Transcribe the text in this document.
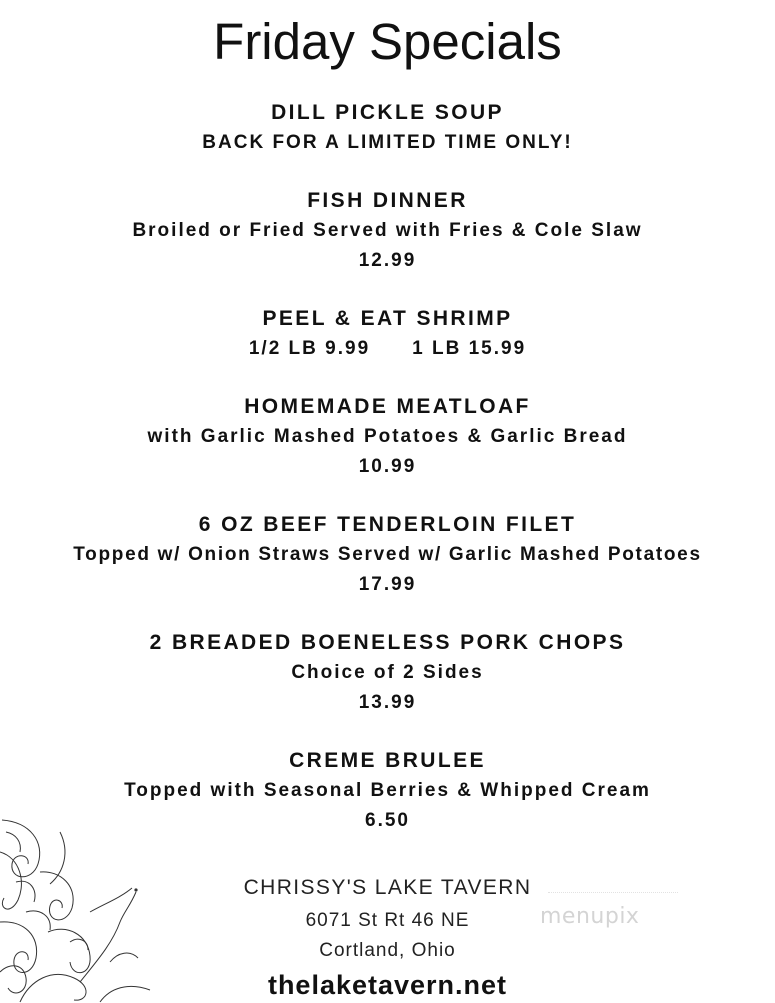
Friday Specials
DILL PICKLE SOUP
BACK FOR A LIMITED TIME ONLY!
FISH DINNER
Broiled or Fried Served with Fries & Cole Slaw
12.99
PEEL & EAT SHRIMP
1/2 LB 9.99 1 LB 15.99
HOMEMADE MEATLOAF
with Garlic Mashed Potatoes & Garlic Bread
10.99
6 OZ BEEF TENDERLOIN FILET
Topped w/ Onion Straws Served w/ Garlic Mashed Potatoes
17.99
2 BREADED BOENELESS PORK CHOPS
Choice of 2 Sides
13.99
CREME BRULEE
Topped with Seasonal Berries & Whipped Cream
6.50
menupix
CHRISSY'S LAKE TAVERN
6071 St Rt 46 NE
Cortland, Ohio
thelaketavern.net
